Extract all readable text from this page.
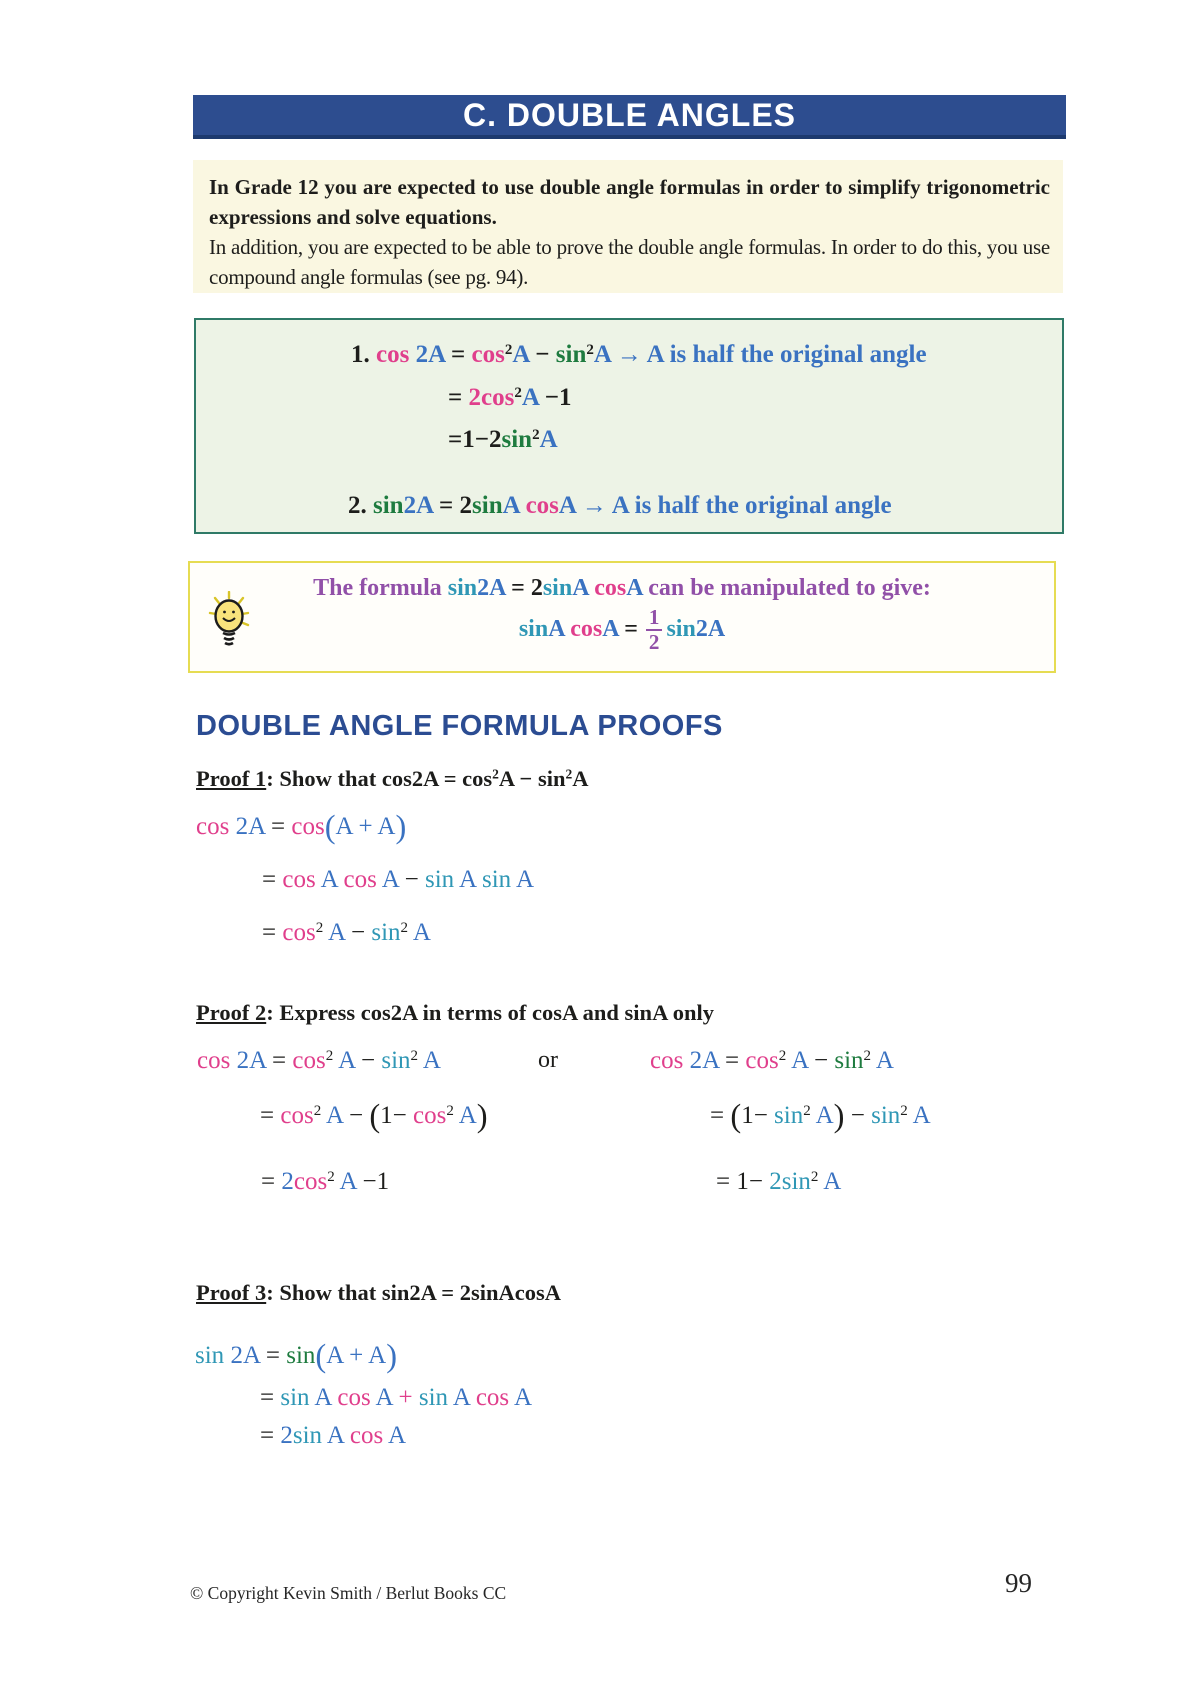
C. DOUBLE ANGLES

In Grade 12 you are expected to use double angle formulas in order to simplify trigonometric expressions and solve equations.

In addition, you are expected to be able to prove the double angle formulas. In order to do this, you use compound angle formulas (see pg. 94).

1. $\cos 2A = \cos^2A - \sin^2A \to A$ is half the original angle
= $2\cos^2A -1$
$=1-2\sin^2A$
2. sin2A = 2sinA cosA → A is half the original angle
The formula sin2A = 2sinA cosA can be manipulated to give:
sinA $\cos A = \frac{1}{2} \sin 2A$
DOUBLE ANGLE FORMULA PROOFS
Proof 1: Show that $\cos 2A = \cos^2A - \sin^2A$
cos 2A = cos(A + A)
= cos A cos A − sin A sin A
= $\cos^2 A - \sin^2 A$
Proof 2: Express cos2A in terms of cosA and sinA only
$\cos 2A = \cos^2 A - \sin^2 A$	or	$\cos 2A = \cos^2 A - \sin^2 A$
= $\cos^2 A - (1- \cos^2 A)$	= $(1- \sin^2 A) - \sin^2 A$
= $2\cos^2$ A −1	= $1- 2\sin^2$ A
Proof 3: Show that sin2A = 2sinAcosA
sin 2A = sin(A + A)
= sin A cos A + sin A cos A
= 2sin A cos A
© Copyright Kevin Smith / Berlut Books CC	99
